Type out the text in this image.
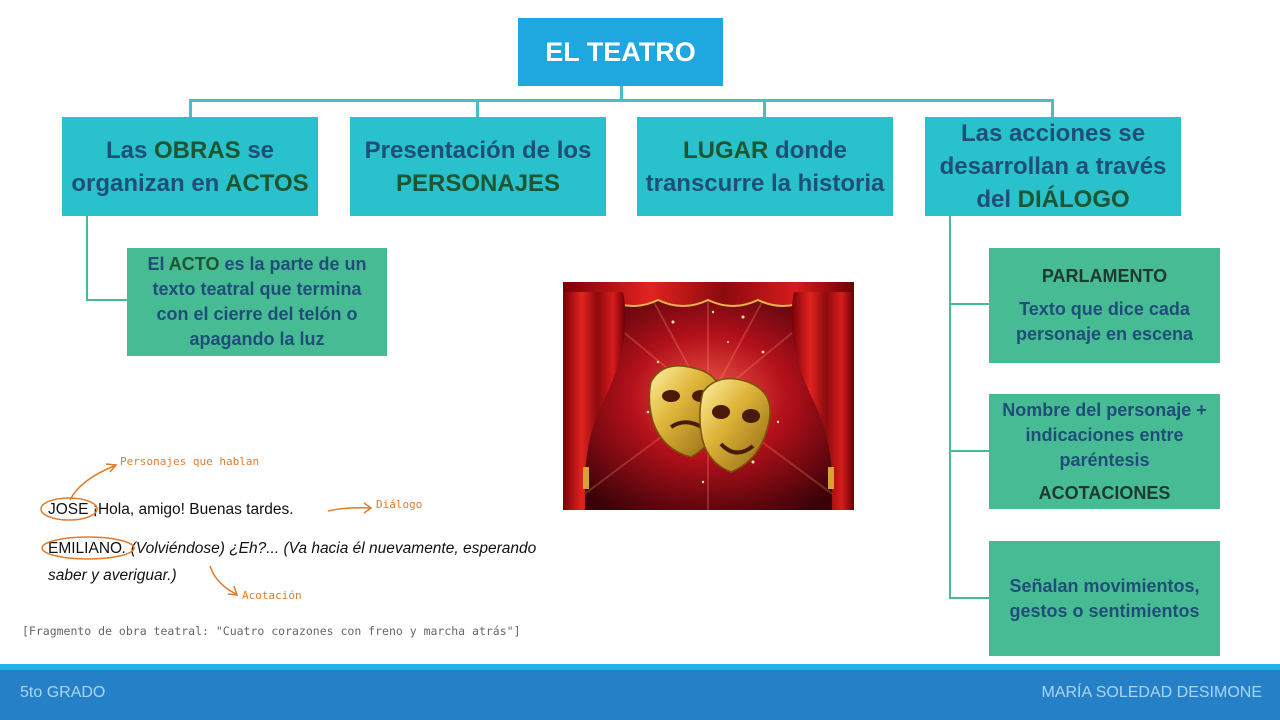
EL TEATRO
Las OBRAS se
organizan en ACTOS
Presentación de los
PERSONAJES
LUGAR donde
transcurre la historia
Las acciones se
desarrollan a través
del DIÁLOGO
El ACTO es la parte de un
texto teatral que termina
con el cierre del telón o
apagando la luz
PARLAMENTO
Texto que dice cada
personaje en escena
Nombre del personaje +
indicaciones entre
paréntesis
ACOTACIONES
Señalan movimientos,
gestos o sentimientos
Personajes que hablan
JOSE ¡Hola, amigo! Buenas tardes.	Diálogo
EMILIANO. (Volviéndose) ¿Eh?... (Va hacia él nuevamente, esperando
saber y averiguar.)
Acotación
[Fragmento de obra teatral: "Cuatro corazones con freno y marcha atrás"]
5to GRADO	MARÍA SOLEDAD DESIMONE
